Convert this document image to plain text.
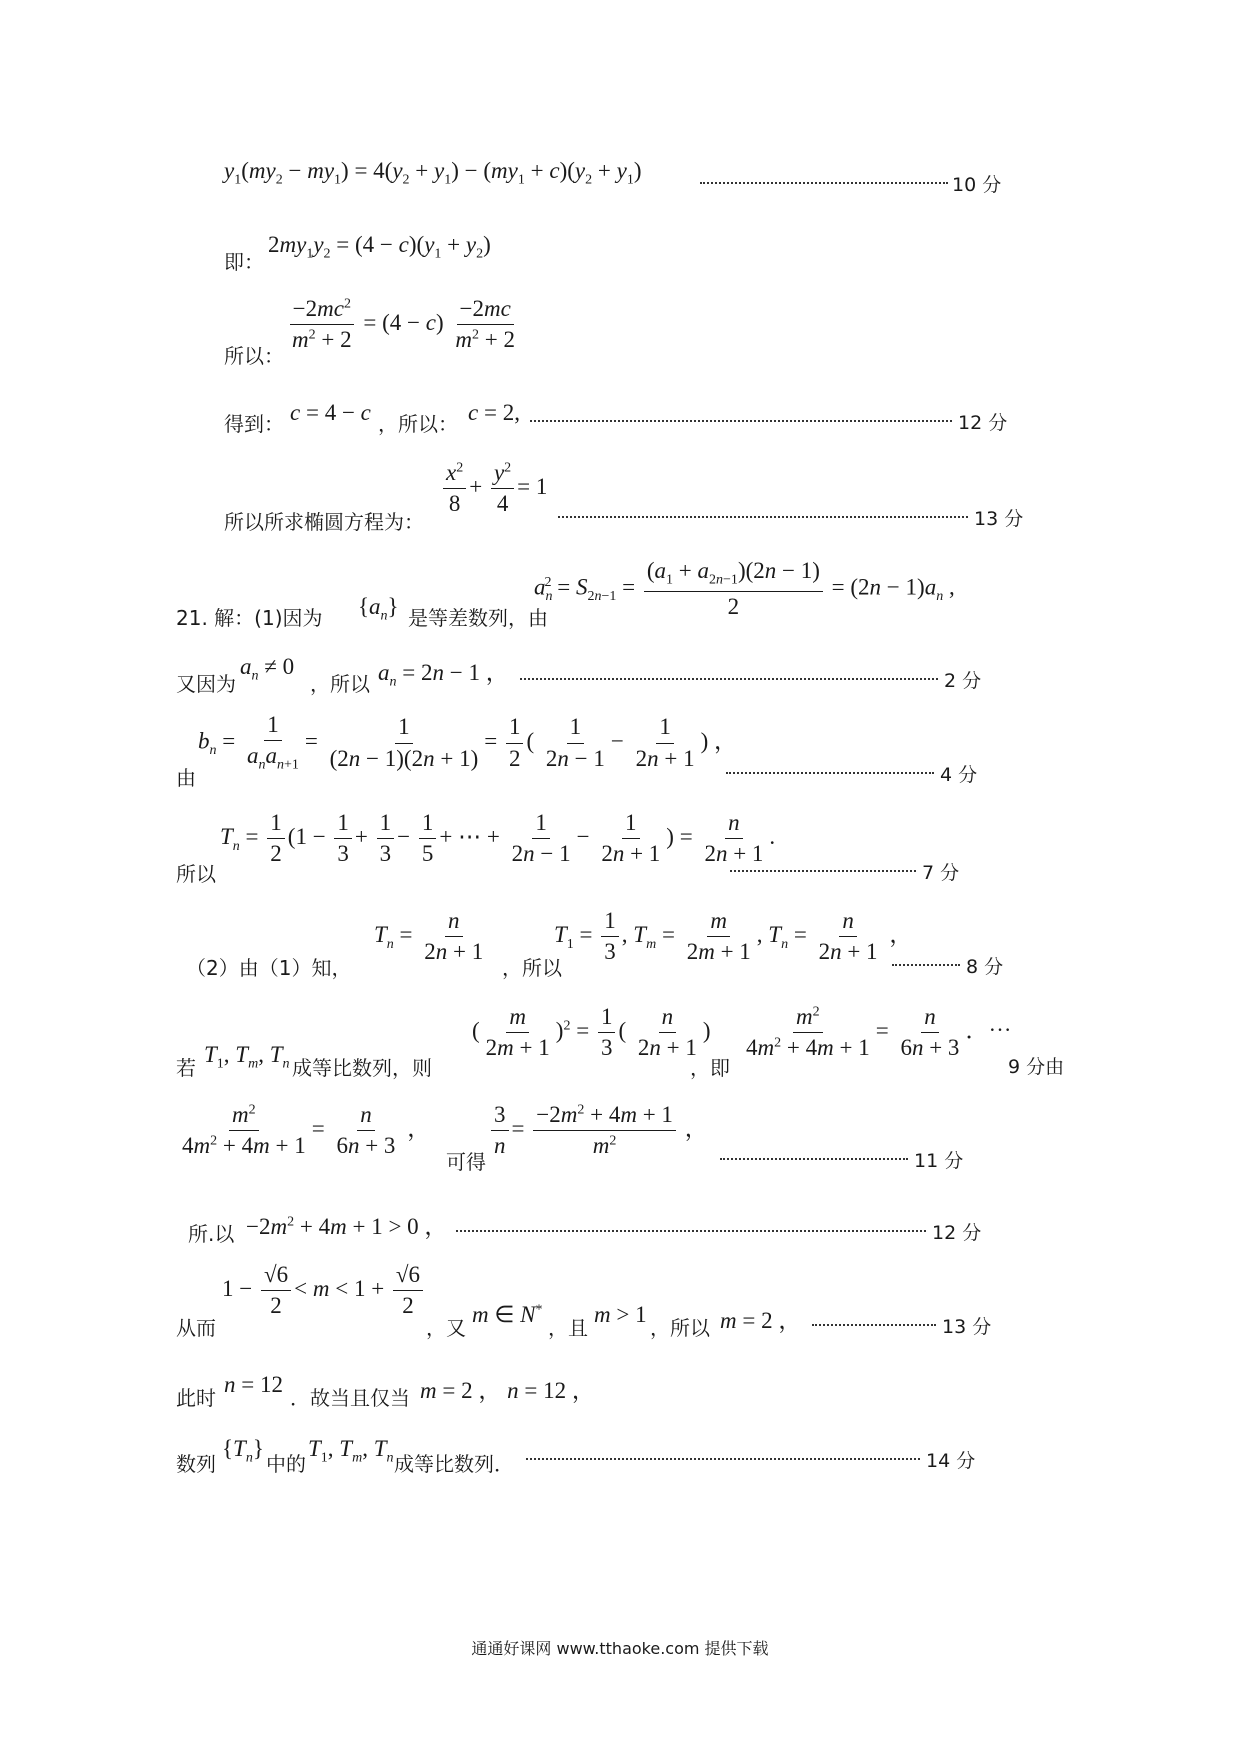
$y_1(my_2 - my_1) = 4(y_2 + y_1) - (my_1 + c)(y_2 + y_1)$
10 分
即：
$2my_1y_2 = (4 - c)(y_1 + y_2)$
所以：
$\frac{-2mc^2}{m^2 + 2} = (4 - c) \frac{-2mc}{m^2 + 2}$
得到： c = 4 − c ，所以： c = 2,	12 分
所以所求椭圆方程为：
$\frac{x^2}{8} + \frac{y^2}{4} = 1$
13 分
21. 解：(1)因为 $\{a_n\}$ 是等差数列，由
$a_n^2 = S_{2n-1} = \frac{(a_1 + a_{2n-1})(2n - 1)}{2} = (2n - 1)a_n$ ,
又因为
$a_n \ne 0$
，所以 $a_n = 2n - 1$ ，	2 分
由
$b_n = \frac{1}{a_na_{n+1}} = \frac{1}{(2n - 1)(2n + 1)} = \frac{1}{2}$ ( $\frac{1}{2n - 1} - \frac{1}{2n + 1}$ ) ，
4 分
所以
$T_n = \frac{1}{2} (1 - \frac{1}{3} + \frac{1}{3} - \frac{1}{5}$ + ⋯ + $\frac{1}{2n - 1} - \frac{1}{2n + 1}$ ) = $\frac{n}{2n + 1}$ .
7 分
（2）由（1）知，
$T_n = \frac{n}{2n + 1}$
，所以
$T_1 = \frac{1}{3}$ , $T_m = \frac{m}{2m + 1}$ , $T_n = \frac{n}{2n + 1}$ ，
8 分
若
$T_1$, $T_m$, $T_n$ 成等比数列，则
( $\frac{m}{2m + 1} )^2 = \frac{1}{3}$ ( $\frac{n}{2n + 1}$ )
，即
$\frac{m^2}{4m^2 + 4m + 1} = \frac{n}{6n + 3}$ ．⋯
9 分由
$\frac{m^2}{4m^2 + 4m + 1} = \frac{n}{6n + 3}$ ，
可得
$\frac{3}{n} = \frac{-2m^2 + 4m + 1}{m^2}$ ，
11 分
所.以 $-2m^2 + 4m + 1 > 0$ ，	12 分
从而
$1 - \frac{√6}{2} < m < 1 + \frac{√6}{2}$
，又
m ∈ N*
，且
m > 1
，所以 m = 2 ，	13 分
此时
n = 12
．故当且仅当 m = 2 ， n = 12 ，
数列
$\{T_n\}$
中的
$T_1$, $T_m$, $T_n$ 成等比数列．	14 分
通通好课网 www.tthaoke.com 提供下载
